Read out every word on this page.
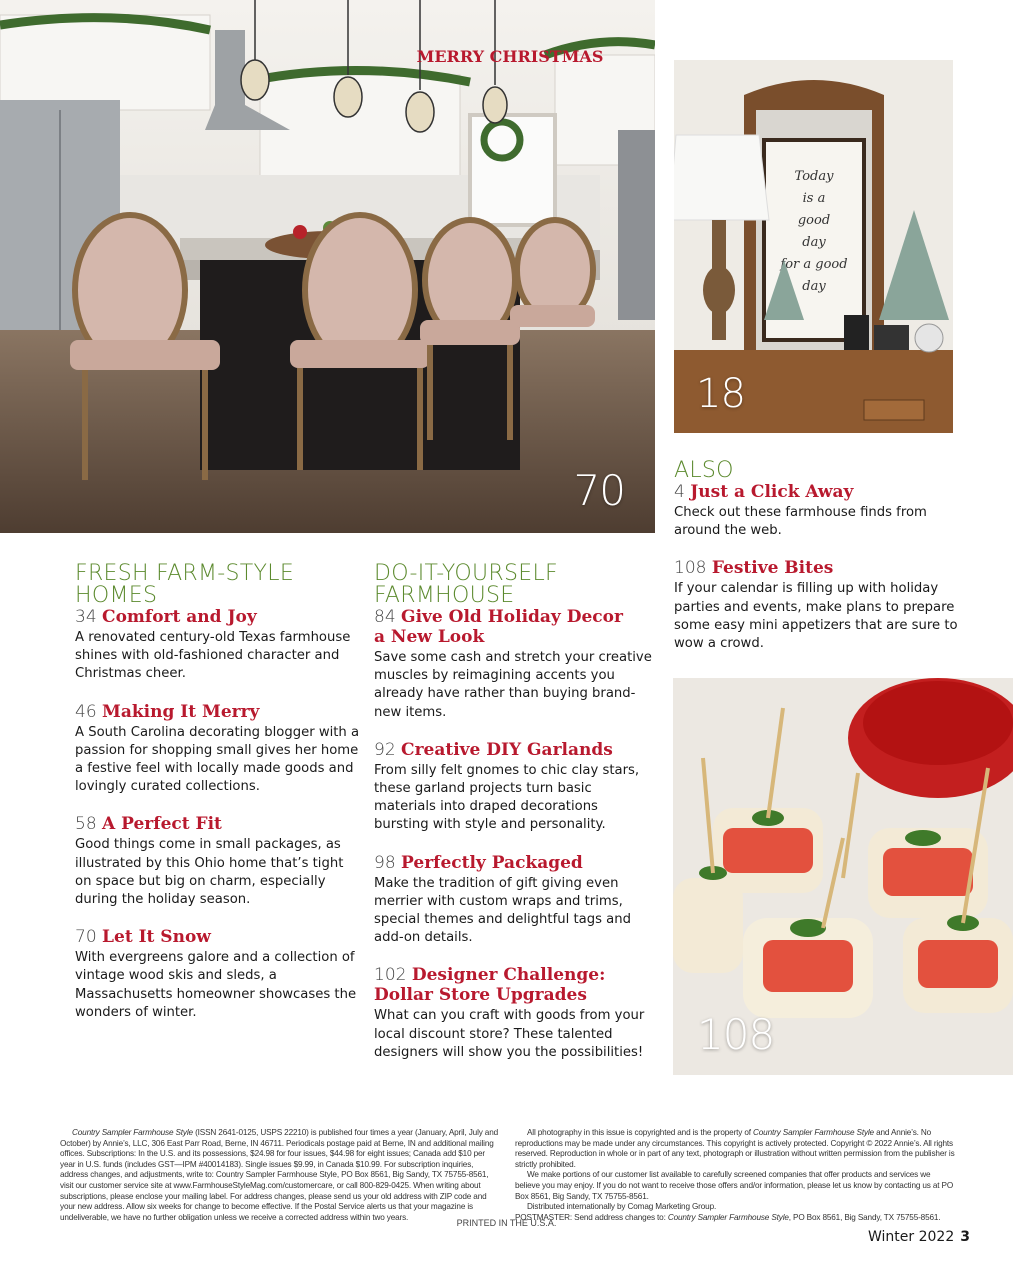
MERRY CHRISTMAS
70
Today is a good day for a good day
18
108
FRESH FARM-STYLE
HOMES
34 Comfort and Joy
A renovated century-old Texas farmhouse shines with old-fashioned character and Christmas cheer.
46 Making It Merry
A South Carolina decorating blogger with a passion for shopping small gives her home a festive feel with locally made goods and lovingly curated collections.
58 A Perfect Fit
Good things come in small packages, as illustrated by this Ohio home that’s tight on space but big on charm, especially during the holiday season.
70 Let It Snow
With evergreens galore and a collection of vintage wood skis and sleds, a Massachusetts homeowner showcases the wonders of winter.
DO-IT-YOURSELF
FARMHOUSE
84 Give Old Holiday Decor
a New Look
Save some cash and stretch your creative muscles by reimagining accents you already have rather than buying brand-new items.
92 Creative DIY Garlands
From silly felt gnomes to chic clay stars, these garland projects turn basic materials into draped decorations bursting with style and personality.
98 Perfectly Packaged
Make the tradition of gift giving even merrier with custom wraps and trims, special themes and delightful tags and add-on details.
102 Designer Challenge:
Dollar Store Upgrades
What can you craft with goods from your local discount store? These talented designers will show you the possibilities!
ALSO
4 Just a Click Away
Check out these farmhouse finds from around the web.
108 Festive Bites
If your calendar is filling up with holiday parties and events, make plans to prepare some easy mini appetizers that are sure to wow a crowd.

Country Sampler Farmhouse Style (ISSN 2641-0125, USPS 22210) is published four times a year (January, April, July and October) by Annie’s, LLC, 306 East Parr Road, Berne, IN 46711. Periodicals postage paid at Berne, IN and additional mailing offices. Subscriptions: In the U.S. and its possessions, $24.98 for four issues, $44.98 for eight issues; Canada add $10 per year in U.S. funds (includes GST—IPM #40014183). Single issues $9.99, in Canada $10.99. For subscription inquiries, address changes, and adjustments, write to: Country Sampler Farmhouse Style, PO Box 8561, Big Sandy, TX 75755-8561, visit our customer service site at www.FarmhouseStyleMag.com/customercare, or call 800-829-0425. When writing about subscriptions, please enclose your mailing label. For address changes, please send us your old address with ZIP code and your new address. Allow six weeks for change to become effective. If the Postal Service alerts us that your magazine is undeliverable, we have no further obligation unless we receive a corrected address within two years.

All photography in this issue is copyrighted and is the property of Country Sampler Farmhouse Style and Annie’s. No reproductions may be made under any circumstances. This copyright is actively protected. Copyright © 2022 Annie’s. All rights reserved. Reproduction in whole or in part of any text, photograph or illustration without written permission from the publisher is strictly prohibited.

We make portions of our customer list available to carefully screened companies that offer products and services we believe you may enjoy. If you do not want to receive those offers and/or information, please let us know by contacting us at PO Box 8561, Big Sandy, TX 75755-8561.

Distributed internationally by Comag Marketing Group.

POSTMASTER: Send address changes to: Country Sampler Farmhouse Style, PO Box 8561, Big Sandy, TX 75755-8561.

PRINTED IN THE U.S.A.
Winter 2022 3
